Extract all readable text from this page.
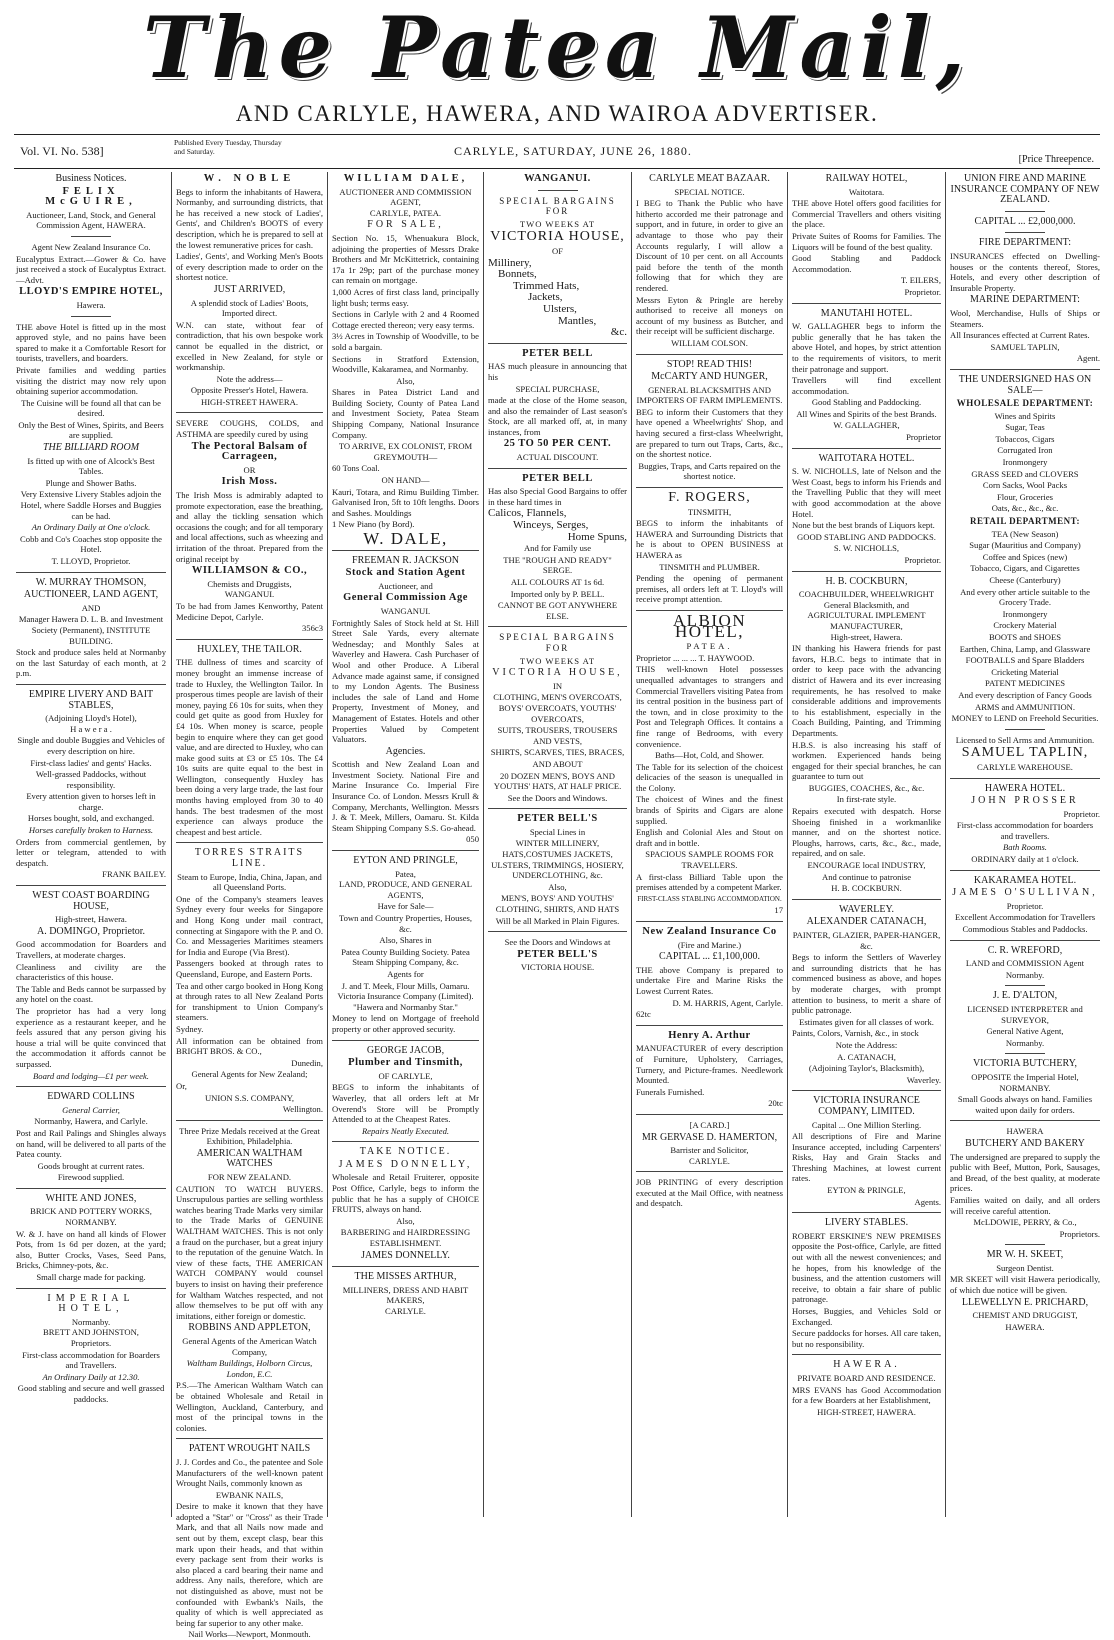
The Patea Mail,
AND CARLYLE, HAWERA, AND WAIROA ADVERTISER.
Vol. VI. No. 538]
Published Every Tuesday, Thursday and Saturday.	CARLYLE, SATURDAY, JUNE 26, 1880.
[Price Threepence.
Business Notices.
FELIX McGUIRE,

Auctioneer, Land, Stock, and General Commission Agent, HAWERA.

Agent New Zealand Insurance Co.

Eucalyptus Extract.—Gower & Co. have just received a stock of Eucalyptus Extract.—Advt.

LLOYD'S EMPIRE HOTEL,
Hawera.

THE above Hotel is fitted up in the most approved style, and no pains have been spared to make it a Comfortable Resort for tourists, travellers, and boarders.

Private families and wedding parties visiting the district may now rely upon obtaining superior accommodation.

The Cuisine will be found all that can be desired.

Only the Best of Wines, Spirits, and Beers are supplied.

THE BILLIARD ROOM

Is fitted up with one of Alcock's Best Tables.

Plunge and Shower Baths.

Very Extensive Livery Stables adjoin the Hotel, where Saddle Horses and Buggies can be had.

An Ordinary Daily at One o'clock.

Cobb and Co's Coaches stop opposite the Hotel.

T. LLOYD, Proprietor.

W. MURRAY THOMSON,
AUCTIONEER, LAND AGENT,
AND

Manager Hawera D. L. B. and Investment Society (Permanent), INSTITUTE BUILDING.

Stock and produce sales held at Normanby on the last Saturday of each month, at 2 p.m.

EMPIRE LIVERY AND BAIT STABLES,
(Adjoining Lloyd's Hotel),
H a w e r a .

Single and double Buggies and Vehicles of every description on hire.

First-class ladies' and gents' Hacks.

Well-grassed Paddocks, without responsibility.

Every attention given to horses left in charge.

Horses bought, sold, and exchanged.

Horses carefully broken to Harness.

Orders from commercial gentlemen, by letter or telegram, attended to with despatch.

FRANK BAILEY.

WEST COAST BOARDING HOUSE,
High-street, Hawera.
A. DOMINGO, Proprietor.

Good accommodation for Boarders and Travellers, at moderate charges.

Cleanliness and civility are the characteristics of this house.

The Table and Beds cannot be surpassed by any hotel on the coast.

The proprietor has had a very long experience as a restaurant keeper, and he feels assured that any person giving his house a trial will be quite convinced that the accommodation it affords cannot be surpassed.

Board and lodging—£1 per week.

EDWARD COLLINS
General Carrier,

Normanby, Hawera, and Carlyle.

Post and Rail Palings and Shingles always on hand, will be delivered to all parts of the Patea county.

Goods brought at current rates.

Firewood supplied.

WHITE AND JONES,
BRICK AND POTTERY WORKS,
NORMANBY.

W. & J. have on hand all kinds of Flower Pots, from 1s 6d per dozen, at the yard; also, Butter Crocks, Vases, Seed Pans, Bricks, Chimney-pots, &c.

Small charge made for packing.

IMPERIAL HOTEL,
Normanby.
BRETT AND JOHNSTON,
Proprietors.

First-class accommodation for Boarders and Travellers.

An Ordinary Daily at 12.30.

Good stabling and secure and well grassed paddocks.

W. NOBLE

Begs to inform the inhabitants of Hawera, Normanby, and surrounding districts, that he has received a new stock of Ladies', Gents', and Children's BOOTS of every description, which he is prepared to sell at the lowest remunerative prices for cash.

Ladies', Gents', and Working Men's Boots of every description made to order on the shortest notice.

JUST ARRIVED,

A splendid stock of Ladies' Boots, Imported direct.

W.N. can state, without fear of contradiction, that his own bespoke work cannot be equalled in the district, or excelled in New Zealand, for style or workmanship.

Note the address—

Opposite Presser's Hotel, Hawera.

HIGH-STREET HAWERA.

SEVERE COUGHS, COLDS, and ASTHMA are speedily cured by using

The Pectoral Balsam of Carrageen,
OR
Irish Moss.

The Irish Moss is admirably adapted to promote expectoration, ease the breathing, and allay the tickling sensation which occasions the cough; and for all temporary and local affections, such as wheezing and irritation of the throat. Prepared from the original receipt by

WILLIAMSON & CO.,
Chemists and Druggists,
WANGANUI.

To be had from James Kenworthy, Patent Medicine Depot, Carlyle.

356c3

HUXLEY, THE TAILOR.

THE dullness of times and scarcity of money brought an immense increase of trade to Huxley, the Wellington Tailor. In prosperous times people are lavish of their money, paying £6 10s for suits, when they could get quite as good from Huxley for £4 10s. When money is scarce, people begin to enquire where they can get good value, and are directed to Huxley, who can make good suits at £3 or £5 10s. The £4 10s suits are quite equal to the best in Wellington, consequently Huxley has been doing a very large trade, the last four months having employed from 30 to 40 hands. The best tradesmen of the most experience can always produce the cheapest and best article.

TORRES STRAITS LINE.

Steam to Europe, India, China, Japan, and all Queensland Ports.

One of the Company's steamers leaves Sydney every four weeks for Singapore and Hong Kong under mail contract, connecting at Singapore with the P. and O. Co. and Messageries Maritimes steamers for India and Europe (Via Brest).

Passengers booked at through rates to Queensland, Europe, and Eastern Ports.

Tea and other cargo booked in Hong Kong at through rates to all New Zealand Ports for transhipment to Union Company's steamers.

Sydney.

All information can be obtained from BRIGHT BROS. & CO.,

Dunedin,

General Agents for New Zealand;

Or,

UNION S.S. COMPANY,

Wellington.

Three Prize Medals received at the Great Exhibition, Philadelphia.

AMERICAN WALTHAM WATCHES
FOR NEW ZEALAND.

CAUTION TO WATCH BUYERS. Unscrupulous parties are selling worthless watches bearing Trade Marks very similar to the Trade Marks of GENUINE WALTHAM WATCHES. This is not only a fraud on the purchaser, but a great injury to the reputation of the genuine Watch. In view of these facts, THE AMERICAN WATCH COMPANY would counsel buyers to insist on having their preference for Waltham Watches respected, and not allow themselves to be put off with any imitations, either foreign or domestic.

ROBBINS AND APPLETON,

General Agents of the American Watch Company,

Waltham Buildings, Holborn Circus, London, E.C.

P.S.—The American Waltham Watch can be obtained Wholesale and Retail in Wellington, Auckland, Canterbury, and most of the principal towns in the colonies.

PATENT WROUGHT NAILS

J. J. Cordes and Co., the patentee and Sole Manufacturers of the well-known patent Wrought Nails, commonly known as

EWBANK NAILS,

Desire to make it known that they have adopted a "Star" or "Cross" as their Trade Mark, and that all Nails now made and sent out by them, except clasp, bear this mark upon their heads, and that within every package sent from their works is also placed a card bearing their name and address. Any nails, therefore, which are not distinguished as above, must not be confounded with Ewbank's Nails, the quality of which is well appreciated as being far superior to any other make.

Nail Works—Newport, Monmouth.

WILLIAM DALE,
AUCTIONEER AND COMMISSION AGENT,
CARLYLE, PATEA.
FOR SALE,

Section No. 15, Whenuakura Block, adjoining the properties of Messrs Drake Brothers and Mr McKittetrick, containing 17a 1r 29p; part of the purchase money can remain on mortgage.

1,000 Acres of first class land, principally light bush; terms easy.

Sections in Carlyle with 2 and 4 Roomed Cottage erected thereon; very easy terms.

3½ Acres in Township of Woodville, to be sold a bargain.

Sections in Stratford Extension, Woodville, Kakaramea, and Normanby.

Also,

Shares in Patea District Land and Building Society, County of Patea Land and Investment Society, Patea Steam Shipping Company, National Insurance Company.

TO ARRIVE, EX COLONIST, FROM GREYMOUTH—

60 Tons Coal.

ON HAND—

Kauri, Totara, and Rimu Building Timber. Galvanised Iron, 5ft to 10ft lengths. Doors and Sashes. Mouldings

1 New Piano (by Bord).

W. DALE,
FREEMAN R. JACKSON
Stock and Station Agent
Auctioneer, and
General Commission Age
WANGANUI.

Fortnightly Sales of Stock held at St. Hill Street Sale Yards, every alternate Wednesday; and Monthly Sales at Waverley and Hawera. Cash Purchaser of Wool and other Produce. A Liberal Advance made against same, if consigned to my London Agents. The Business includes the sale of Land and Home Property, Investment of Money, and Management of Estates. Hotels and other Properties Valued by Competent Valuators.

Agencies.

Scottish and New Zealand Loan and Investment Society. National Fire and Marine Insurance Co. Imperial Fire Insurance Co. of London. Messrs Krull & Company, Merchants, Wellington. Messrs J. & T. Meek, Millers, Oamaru. St. Kilda Steam Shipping Company S.S. Go-ahead.

050

EYTON AND PRINGLE,
Patea,
LAND, PRODUCE, AND GENERAL AGENTS,

Have for Sale—

Town and Country Properties, Houses, &c.

Also, Shares in

Patea County Building Society. Patea Steam Shipping Company, &c.

Agents for

J. and T. Meek, Flour Mills, Oamaru. Victoria Insurance Company (Limited). "Hawera and Normanby Star."

Money to lend on Mortgage of freehold property or other approved security.

GEORGE JACOB,
Plumber and Tinsmith,
OF CARLYLE,

BEGS to inform the inhabitants of Waverley, that all orders left at Mr Overend's Store will be Promptly Attended to at the Cheapest Rates.

Repairs Neatly Executed.

TAKE NOTICE.
JAMES DONNELLY,

Wholesale and Retail Fruiterer, opposite Post Office, Carlyle, begs to inform the public that he has a supply of CHOICE FRUITS, always on hand.

Also,

BARBERING and HAIRDRESSING ESTABLISHMENT.
JAMES DONNELLY.
THE MISSES ARTHUR,
MILLINERS, DRESS AND HABIT MAKERS,
CARLYLE.
WANGANUI.
SPECIAL BARGAINS FOR
TWO WEEKS AT
VICTORIA HOUSE,
OF

Millinery,

Bonnets,

Trimmed Hats,

Jackets,

Ulsters,

Mantles,

&c.

PETER BELL

HAS much pleasure in announcing that his

SPECIAL PURCHASE,

made at the close of the Home season, and also the remainder of Last season's Stock, are all marked off, at, in many instances, from

25 TO 50 PER CENT.
ACTUAL DISCOUNT.
PETER BELL

Has also Special Good Bargains to offer in these hard times in

Calicos, Flannels,

Winceys, Serges,

Home Spuns,

And for Family use

THE "ROUGH AND READY"
SERGE.

ALL COLOURS AT 1s 6d.

Imported only by P. BELL.

CANNOT BE GOT ANYWHERE ELSE.

SPECIAL BARGAINS FOR
TWO WEEKS AT
VICTORIA HOUSE,
IN

CLOTHING, MEN'S OVERCOATS, BOYS' OVERCOATS, YOUTHS' OVERCOATS,

SUITS, TROUSERS, TROUSERS AND VESTS,

SHIRTS, SCARVES, TIES, BRACES,

AND ABOUT

20 DOZEN MEN'S, BOYS AND YOUTHS' HATS, AT HALF PRICE.

See the Doors and Windows.

PETER BELL'S

Special Lines in

WINTER MILLINERY, HATS,COSTUMES JACKETS, ULSTERS, TRIMMINGS, HOSIERY, UNDERCLOTHING, &c.

Also,

MEN'S, BOYS' AND YOUTHS' CLOTHING, SHIRTS, AND HATS

Will be all Marked in Plain Figures.

See the Doors and Windows at

PETER BELL'S
VICTORIA HOUSE.
CARLYLE MEAT BAZAAR.
SPECIAL NOTICE.

I BEG to Thank the Public who have hitherto accorded me their patronage and support, and in future, in order to give an advantage to those who pay their Accounts regularly, I will allow a Discount of 10 per cent. on all Accounts paid before the tenth of the month following that for which they are rendered.

Messrs Eyton & Pringle are hereby authorised to receive all moneys on account of my business as Butcher, and their receipt will be sufficient discharge.

WILLIAM COLSON.
STOP! READ THIS!
McCARTY AND HUNGER,

GENERAL BLACKSMITHS AND IMPORTERS OF FARM IMPLEMENTS.

BEG to inform their Customers that they have opened a Wheelwrights' Shop, and having secured a first-class Wheelwright, are prepared to turn out Traps, Carts, &c., on the shortest notice.

Buggies, Traps, and Carts repaired on the shortest notice.

F. ROGERS,
TINSMITH,

BEGS to inform the inhabitants of HAWERA and Surrounding Districts that he is about to OPEN BUSINESS at HAWERA as

TINSMITH and PLUMBER.

Pending the opening of permanent premises, all orders left at T. Lloyd's will receive prompt attention.

ALBION HOTEL,
PATEA.

Proprietor ... ... ... T. HAYWOOD.

THIS well-known Hotel possesses unequalled advantages to strangers and Commercial Travellers visiting Patea from its central position in the business part of the town, and in close proximity to the Post and Telegraph Offices. It contains a fine range of Bedrooms, with every convenience.

Baths—Hot, Cold, and Shower.

The Table for its selection of the choicest delicacies of the season is unequalled in the Colony.

The choicest of Wines and the finest brands of Spirits and Cigars are alone supplied.

English and Colonial Ales and Stout on draft and in bottle.

SPACIOUS SAMPLE ROOMS FOR TRAVELLERS.

A first-class Billiard Table upon the premises attended by a competent Marker.

FIRST-CLASS STABLING ACCOMMODATION.

17

New Zealand Insurance Co
(Fire and Marine.)
CAPITAL ... £1,100,000.

THE above Company is prepared to undertake Fire and Marine Risks the Lowest Current Rates.

D. M. HARRIS, Agent, Carlyle.

62tc

Henry A. Arthur

MANUFACTURER of every description of Furniture, Upholstery, Carriages, Turnery, and Picture-frames. Needlework Mounted.

Funerals Furnished.

20tc

[A CARD.]
MR GERVASE D. HAMERTON,
Barrister and Solicitor,
CARLYLE.

JOB PRINTING of every description executed at the Mail Office, with neatness and despatch.

RAILWAY HOTEL,
Waitotara.

THE above Hotel offers good facilities for Commercial Travellers and others visiting the place.

Private Suites of Rooms for Families. The Liquors will be found of the best quality.

Good Stabling and Paddock Accommodation.

T. EILERS,

Proprietor.

MANUTAHI HOTEL.

W. GALLAGHER begs to inform the public generally that he has taken the above Hotel, and hopes, by strict attention to the requirements of visitors, to merit their patronage and support.

Travellers will find excellent accommodation.

Good Stabling and Paddocking.

All Wines and Spirits of the best Brands.

W. GALLAGHER,

Proprietor

WAITOTARA HOTEL.

S. W. NICHOLLS, late of Nelson and the West Coast, begs to inform his Friends and the Travelling Public that they will meet with good accommodation at the above Hotel.

None but the best brands of Liquors kept.

GOOD STABLING AND PADDOCKS.

S. W. NICHOLLS,

Proprietor.

H. B. COCKBURN,
COACHBUILDER, WHEELWRIGHT
General Blacksmith, and
AGRICULTURAL IMPLEMENT MANUFACTURER,
High-street, Hawera.

IN thanking his Hawera friends for past favors, H.B.C. begs to intimate that in order to keep pace with the advancing district of Hawera and its ever increasing requirements, he has resolved to make considerable additions and improvements to his establishment, especially in the Coach Building, Painting, and Trimming Departments.

H.B.S. is also increasing his staff of workmen. Experienced hands being engaged for their special branches, he can guarantee to turn out

BUGGIES, COACHES, &c., &c.

In first-rate style.

Repairs executed with despatch. Horse Shoeing finished in a workmanlike manner, and on the shortest notice. Ploughs, harrows, carts, &c., &c., made, repaired, and on sale.

ENCOURAGE local INDUSTRY,

And continue to patronise

H. B. COCKBURN.

WAVERLEY.
ALEXANDER CATANACH,
PAINTER, GLAZIER, PAPER-HANGER, &c.

Begs to inform the Settlers of Waverley and surrounding districts that he has commenced business as above, and hopes by moderate charges, with prompt attention to business, to merit a share of public patronage.

Estimates given for all classes of work.

Paints, Colors, Varnish, &c., in stock

Note the Address:

A. CATANACH,

(Adjoining Taylor's, Blacksmith),

Waverley.

VICTORIA INSURANCE COMPANY, LIMITED.

Capital ... One Million Sterling.

All descriptions of Fire and Marine Insurance accepted, including Carpenters' Risks, Hay and Grain Stacks and Threshing Machines, at lowest current rates.

EYTON & PRINGLE,

Agents.

LIVERY STABLES.

ROBERT ERSKINE'S NEW PREMISES opposite the Post-office, Carlyle, are fitted out with all the newest conveniences; and he hopes, from his knowledge of the business, and the attention customers will receive, to obtain a fair share of public patronage.

Horses, Buggies, and Vehicles Sold or Exchanged.

Secure paddocks for horses. All care taken, but no responsibility.

HAWERA.
PRIVATE BOARD AND RESIDENCE.

MRS EVANS has Good Accommodation for a few Boarders at her Establishment,

HIGH-STREET, HAWERA.

UNION FIRE AND MARINE INSURANCE COMPANY OF NEW ZEALAND.
CAPITAL ... £2,000,000.
FIRE DEPARTMENT:

INSURANCES effected on Dwelling-houses or the contents thereof, Stores, Hotels, and every other description of Insurable Property.

MARINE DEPARTMENT:

Wool, Merchandise, Hulls of Ships or Steamers.

All Insurances effected at Current Rates.

SAMUEL TAPLIN,

Agent.

THE UNDERSIGNED HAS ON SALE—
WHOLESALE DEPARTMENT:

Wines and Spirits

Sugar, Teas

Tobaccos, Cigars

Corrugated Iron

Ironmongery

GRASS SEED and CLOVERS

Corn Sacks, Wool Packs

Flour, Groceries

Oats, &c., &c., &c.

RETAIL DEPARTMENT:

TEA (New Season)

Sugar (Mauritius and Company)

Coffee and Spices (new)

Tobacco, Cigars, and Cigarettes

Cheese (Canterbury)

And every other article suitable to the Grocery Trade.

Ironmongery

Crockery Material

BOOTS and SHOES

Earthen, China, Lamp, and Glassware

FOOTBALLS and Spare Bladders

Cricketing Material

PATENT MEDICINES

And every description of Fancy Goods

ARMS and AMMUNITION.

MONEY to LEND on Freehold Securities.

Licensed to Sell Arms and Ammunition.

SAMUEL TAPLIN,
CARLYLE WAREHOUSE.
HAWERA HOTEL.
JOHN PROSSER

Proprietor.

First-class accommodation for boarders and travellers.

Bath Rooms.

ORDINARY daily at 1 o'clock.

KAKARAMEA HOTEL.
JAMES O'SULLIVAN,

Proprietor.

Excellent Accommodation for Travellers

Commodious Stables and Paddocks.

C. R. WREFORD,

LAND and COMMISSION Agent

Normanby.

J. E. D'ALTON,

LICENSED INTERPRETER and SURVEYOR,

General Native Agent,

Normanby.

VICTORIA BUTCHERY,

OPPOSITE the Imperial Hotel, NORMANBY.

Small Goods always on hand. Families waited upon daily for orders.

HAWERA
BUTCHERY AND BAKERY

The undersigned are prepared to supply the public with Beef, Mutton, Pork, Sausages, and Bread, of the best quality, at moderate prices.

Families waited on daily, and all orders will receive careful attention.

McLDOWIE, PERRY, & Co.,

Proprietors.

MR W. H. SKEET,

Surgeon Dentist.

MR SKEET will visit Hawera periodically, of which due notice will be given.

LLEWELLYN E. PRICHARD,

CHEMIST AND DRUGGIST,

HAWERA.
